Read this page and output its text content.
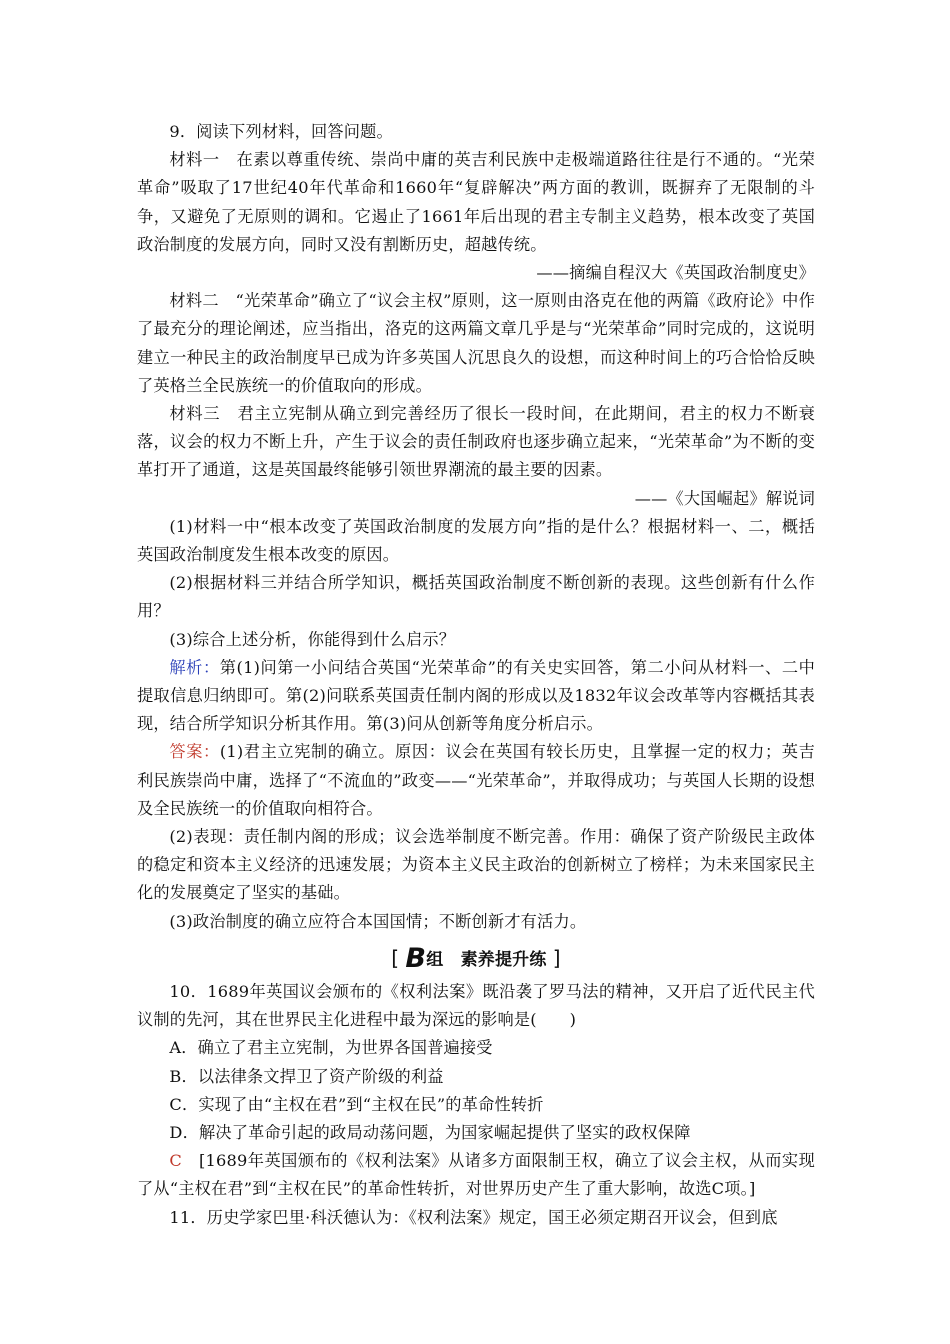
9．阅读下列材料，回答问题。

材料一　 在素以尊重传统、崇尚中庸的英吉利民族中走极端道路往往是行不通的。“光荣革命”吸取了17世纪40年代革命和1660年“复辟解决”两方面的教训，既摒弃了无限制的斗争，又避免了无原则的调和。它遏止了1661年后出现的君主专制主义趋势，根本改变了英国政治制度的发展方向，同时又没有割断历史，超越传统。

——摘编自程汉大《英国政治制度史》

材料二　 “光荣革命”确立了“议会主权”原则，这一原则由洛克在他的两篇《政府论》中作了最充分的理论阐述，应当指出，洛克的这两篇文章几乎是与“光荣革命”同时完成的，这说明建立一种民主的政治制度早已成为许多英国人沉思良久的设想，而这种时间上的巧合恰恰反映了英格兰全民族统一的价值取向的形成。

材料三　 君主立宪制从确立到完善经历了很长一段时间，在此期间，君主的权力不断衰落，议会的权力不断上升，产生于议会的责任制政府也逐步确立起来，“光荣革命”为不断的变革打开了通道，这是英国最终能够引领世界潮流的最主要的因素。

——《大国崛起》解说词

(1)材料一中“根本改变了英国政治制度的发展方向”指的是什么？根据材料一、二，概括英国政治制度发生根本改变的原因。

(2)根据材料三并结合所学知识，概括英国政治制度不断创新的表现。这些创新有什么作用？

(3)综合上述分析，你能得到什么启示？

解析：第(1)问第一小问结合英国“光荣革命”的有关史实回答，第二小问从材料一、二中提取信息归纳即可。第(2)问联系英国责任制内阁的形成以及1832年议会改革等内容概括其表现，结合所学知识分析其作用。第(3)问从创新等角度分析启示。

答案：(1)君主立宪制的确立。原因：议会在英国有较长历史，且掌握一定的权力；英吉利民族崇尚中庸，选择了“不流血的”政变——“光荣革命”，并取得成功；与英国人长期的设想及全民族统一的价值取向相符合。

(2)表现：责任制内阁的形成；议会选举制度不断完善。作用：确保了资产阶级民主政体的稳定和资本主义经济的迅速发展；为资本主义民主政治的创新树立了榜样；为未来国家民主化的发展奠定了坚实的基础。

(3)政治制度的确立应符合本国国情；不断创新才有活力。

[ B组　素养提升练 ]

10．1689年英国议会颁布的《权利法案》既沿袭了罗马法的精神，又开启了近代民主代议制的先河，其在世界民主化进程中最为深远的影响是(　　)

A．确立了君主立宪制，为世界各国普遍接受

B．以法律条文捍卫了资产阶级的利益

C．实现了由“主权在君”到“主权在民”的革命性转折

D．解决了革命引起的政局动荡问题，为国家崛起提供了坚实的政权保障

C　 [1689年英国颁布的《权利法案》从诸多方面限制王权，确立了议会主权，从而实现了从“主权在君”到“主权在民”的革命性转折，对世界历史产生了重大影响，故选C项。]

11．历史学家巴里·科沃德认为：《权利法案》规定，国王必须定期召开议会，但到底
